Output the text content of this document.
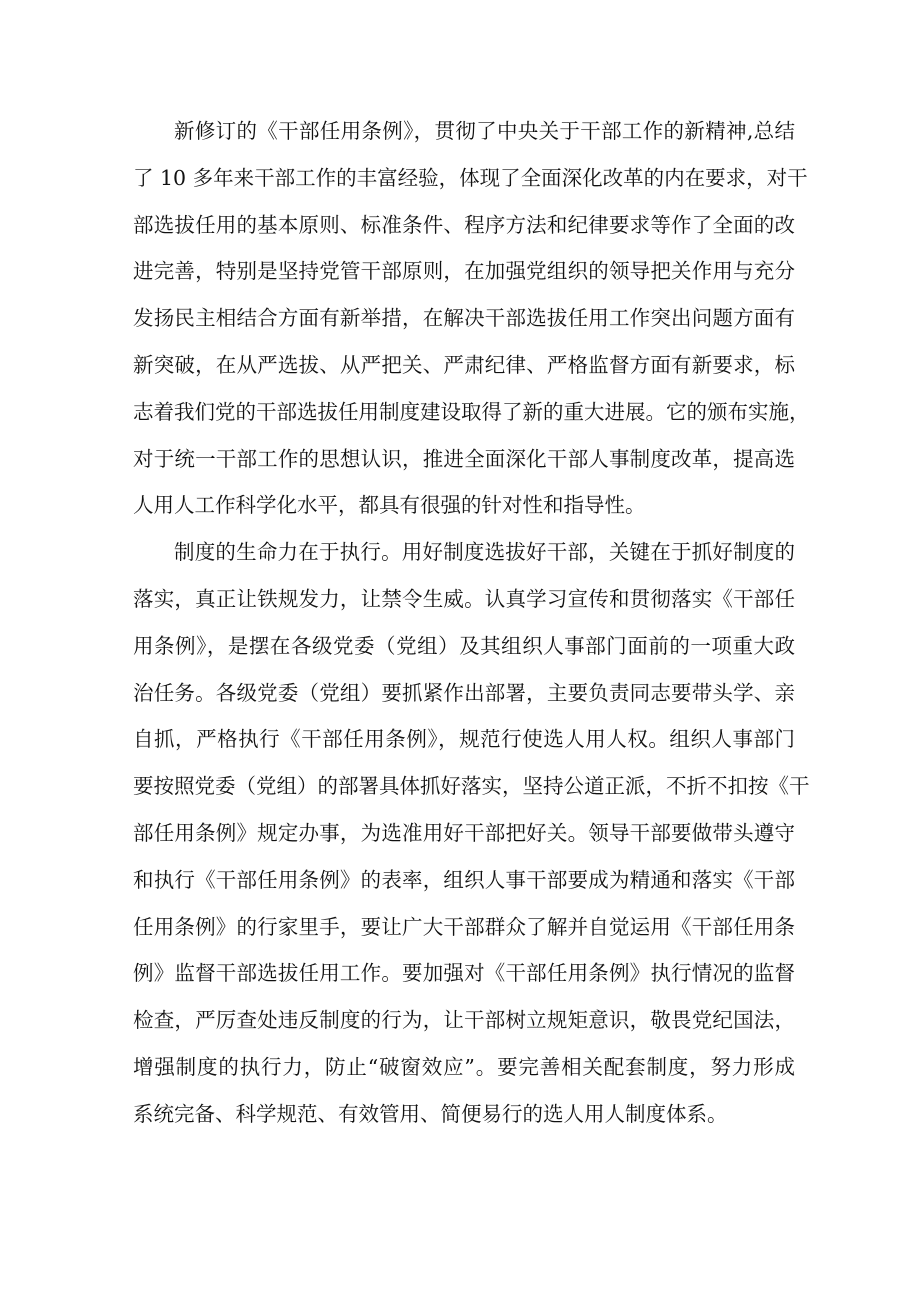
新修订的《干部任用条例》，贯彻了中央关于干部工作的新精神,总结
了 10 多年来干部工作的丰富经验，体现了全面深化改革的内在要求，对干
部选拔任用的基本原则、标准条件、程序方法和纪律要求等作了全面的改
进完善，特别是坚持党管干部原则，在加强党组织的领导把关作用与充分
发扬民主相结合方面有新举措，在解决干部选拔任用工作突出问题方面有
新突破，在从严选拔、从严把关、严肃纪律、严格监督方面有新要求，标
志着我们党的干部选拔任用制度建设取得了新的重大进展。它的颁布实施，
对于统一干部工作的思想认识，推进全面深化干部人事制度改革，提高选
人用人工作科学化水平，都具有很强的针对性和指导性。
制度的生命力在于执行。用好制度选拔好干部，关键在于抓好制度的
落实，真正让铁规发力，让禁令生威。认真学习宣传和贯彻落实《干部任
用条例》，是摆在各级党委（党组）及其组织人事部门面前的一项重大政
治任务。各级党委（党组）要抓紧作出部署，主要负责同志要带头学、亲
自抓，严格执行《干部任用条例》，规范行使选人用人权。组织人事部门
要按照党委（党组）的部署具体抓好落实，坚持公道正派，不折不扣按《干
部任用条例》规定办事，为选准用好干部把好关。领导干部要做带头遵守
和执行《干部任用条例》的表率，组织人事干部要成为精通和落实《干部
任用条例》的行家里手，要让广大干部群众了解并自觉运用《干部任用条
例》监督干部选拔任用工作。要加强对《干部任用条例》执行情况的监督
检查，严厉查处违反制度的行为，让干部树立规矩意识，敬畏党纪国法，
增强制度的执行力，防止“破窗效应”。要完善相关配套制度，努力形成
系统完备、科学规范、有效管用、简便易行的选人用人制度体系。
